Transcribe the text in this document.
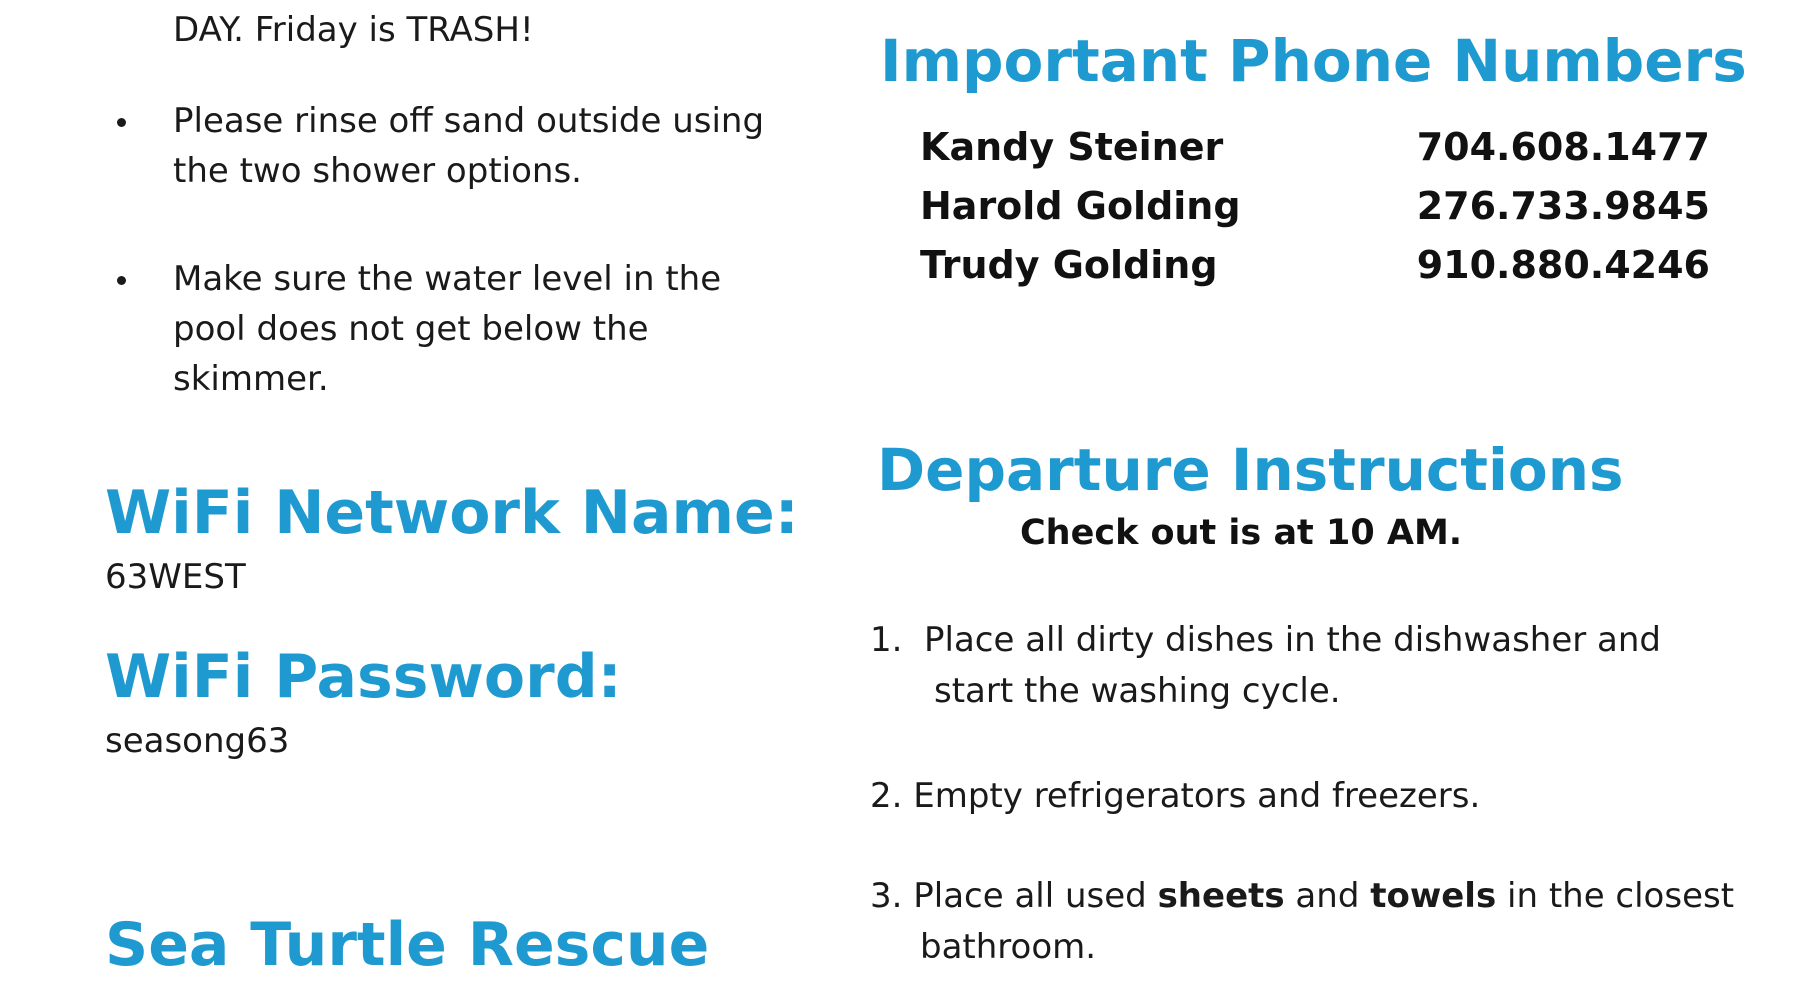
DAY. Friday is TRASH!
Please rinse off sand outside using
the two shower options.
Make sure the water level in the
pool does not get below the
skimmer.
WiFi Network Name:
63WEST
WiFi Password:
seasong63
Sea Turtle Rescue
Important Phone Numbers
Kandy Steiner	704.608.1477
Harold Golding	276.733.9845
Trudy Golding	910.880.4246
Departure Instructions
Check out is at 10 AM.
1. Place all dirty dishes in the dishwasher and
start the washing cycle.
2. Empty refrigerators and freezers.
3. Place all used sheets and towels in the closest
bathroom.
